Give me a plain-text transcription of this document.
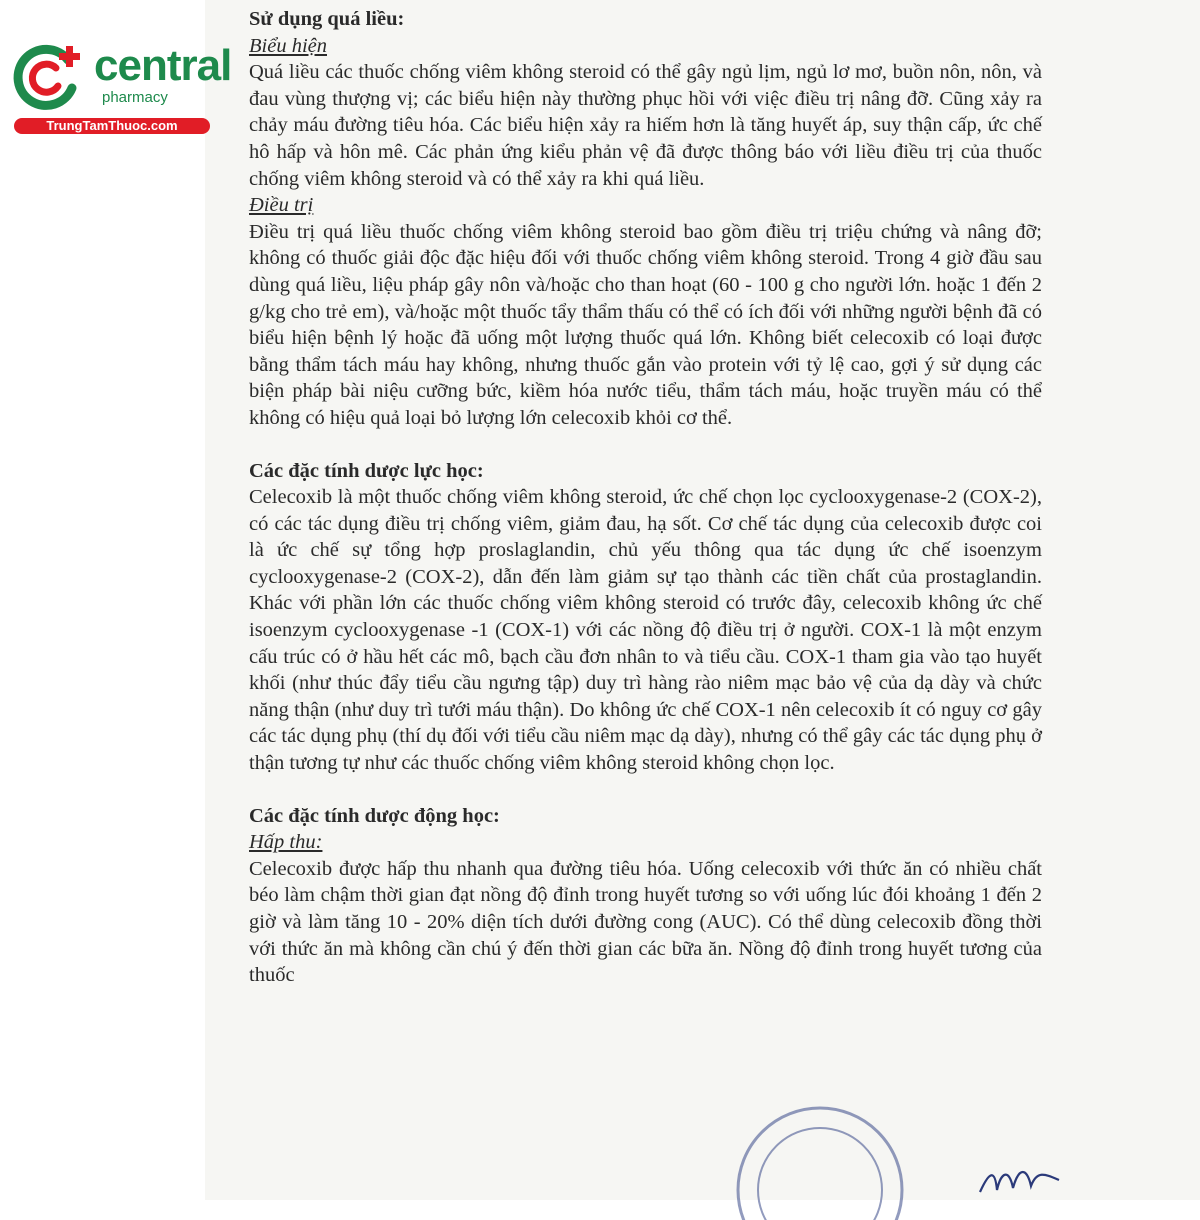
central
pharmacy
TrungTamThuoc.com

Sử dụng quá liều:

Biểu hiện

Quá liều các thuốc chống viêm không steroid có thể gây ngủ lịm, ngủ lơ mơ, buồn nôn, nôn, và đau vùng thượng vị; các biểu hiện này thường phục hồi với việc điều trị nâng đỡ. Cũng xảy ra chảy máu đường tiêu hóa. Các biểu hiện xảy ra hiếm hơn là tăng huyết áp, suy thận cấp, ức chế hô hấp và hôn mê. Các phản ứng kiểu phản vệ đã được thông báo với liều điều trị của thuốc chống viêm không steroid và có thể xảy ra khi quá liều.

Điều trị

Điều trị quá liều thuốc chống viêm không steroid bao gồm điều trị triệu chứng và nâng đỡ; không có thuốc giải độc đặc hiệu đối với thuốc chống viêm không steroid. Trong 4 giờ đầu sau dùng quá liều, liệu pháp gây nôn và/hoặc cho than hoạt (60 - 100 g cho người lớn. hoặc 1 đến 2 g/kg cho trẻ em), và/hoặc một thuốc tẩy thẩm thấu có thể có ích đối với những người bệnh đã có biểu hiện bệnh lý hoặc đã uống một lượng thuốc quá lớn. Không biết celecoxib có loại được bằng thẩm tách máu hay không, nhưng thuốc gắn vào protein với tỷ lệ cao, gợi ý sử dụng các biện pháp bài niệu cưỡng bức, kiềm hóa nước tiểu, thẩm tách máu, hoặc truyền máu có thể không có hiệu quả loại bỏ lượng lớn celecoxib khỏi cơ thể.

Các đặc tính dược lực học:

Celecoxib là một thuốc chống viêm không steroid, ức chế chọn lọc cyclooxygenase-2 (COX-2), có các tác dụng điều trị chống viêm, giảm đau, hạ sốt. Cơ chế tác dụng của celecoxib được coi là ức chế sự tổng hợp proslaglandin, chủ yếu thông qua tác dụng ức chế isoenzym cyclooxygenase-2 (COX-2), dẫn đến làm giảm sự tạo thành các tiền chất của prostaglandin. Khác với phần lớn các thuốc chống viêm không steroid có trước đây, celecoxib không ức chế isoenzym cyclooxygenase -1 (COX-1) với các nồng độ điều trị ở người. COX-1 là một enzym cấu trúc có ở hầu hết các mô, bạch cầu đơn nhân to và tiểu cầu. COX-1 tham gia vào tạo huyết khối (như thúc đẩy tiểu cầu ngưng tập) duy trì hàng rào niêm mạc bảo vệ của dạ dày và chức năng thận (như duy trì tưới máu thận). Do không ức chế COX-1 nên celecoxib ít có nguy cơ gây các tác dụng phụ (thí dụ đối với tiểu cầu niêm mạc dạ dày), nhưng có thể gây các tác dụng phụ ở thận tương tự như các thuốc chống viêm không steroid không chọn lọc.

Các đặc tính dược động học:

Hấp thu:

Celecoxib được hấp thu nhanh qua đường tiêu hóa. Uống celecoxib với thức ăn có nhiều chất béo làm chậm thời gian đạt nồng độ đỉnh trong huyết tương so với uống lúc đói khoảng 1 đến 2 giờ và làm tăng 10 - 20% diện tích dưới đường cong (AUC). Có thể dùng celecoxib đồng thời với thức ăn mà không cần chú ý đến thời gian các bữa ăn. Nồng độ đỉnh trong huyết tương của thuốc
